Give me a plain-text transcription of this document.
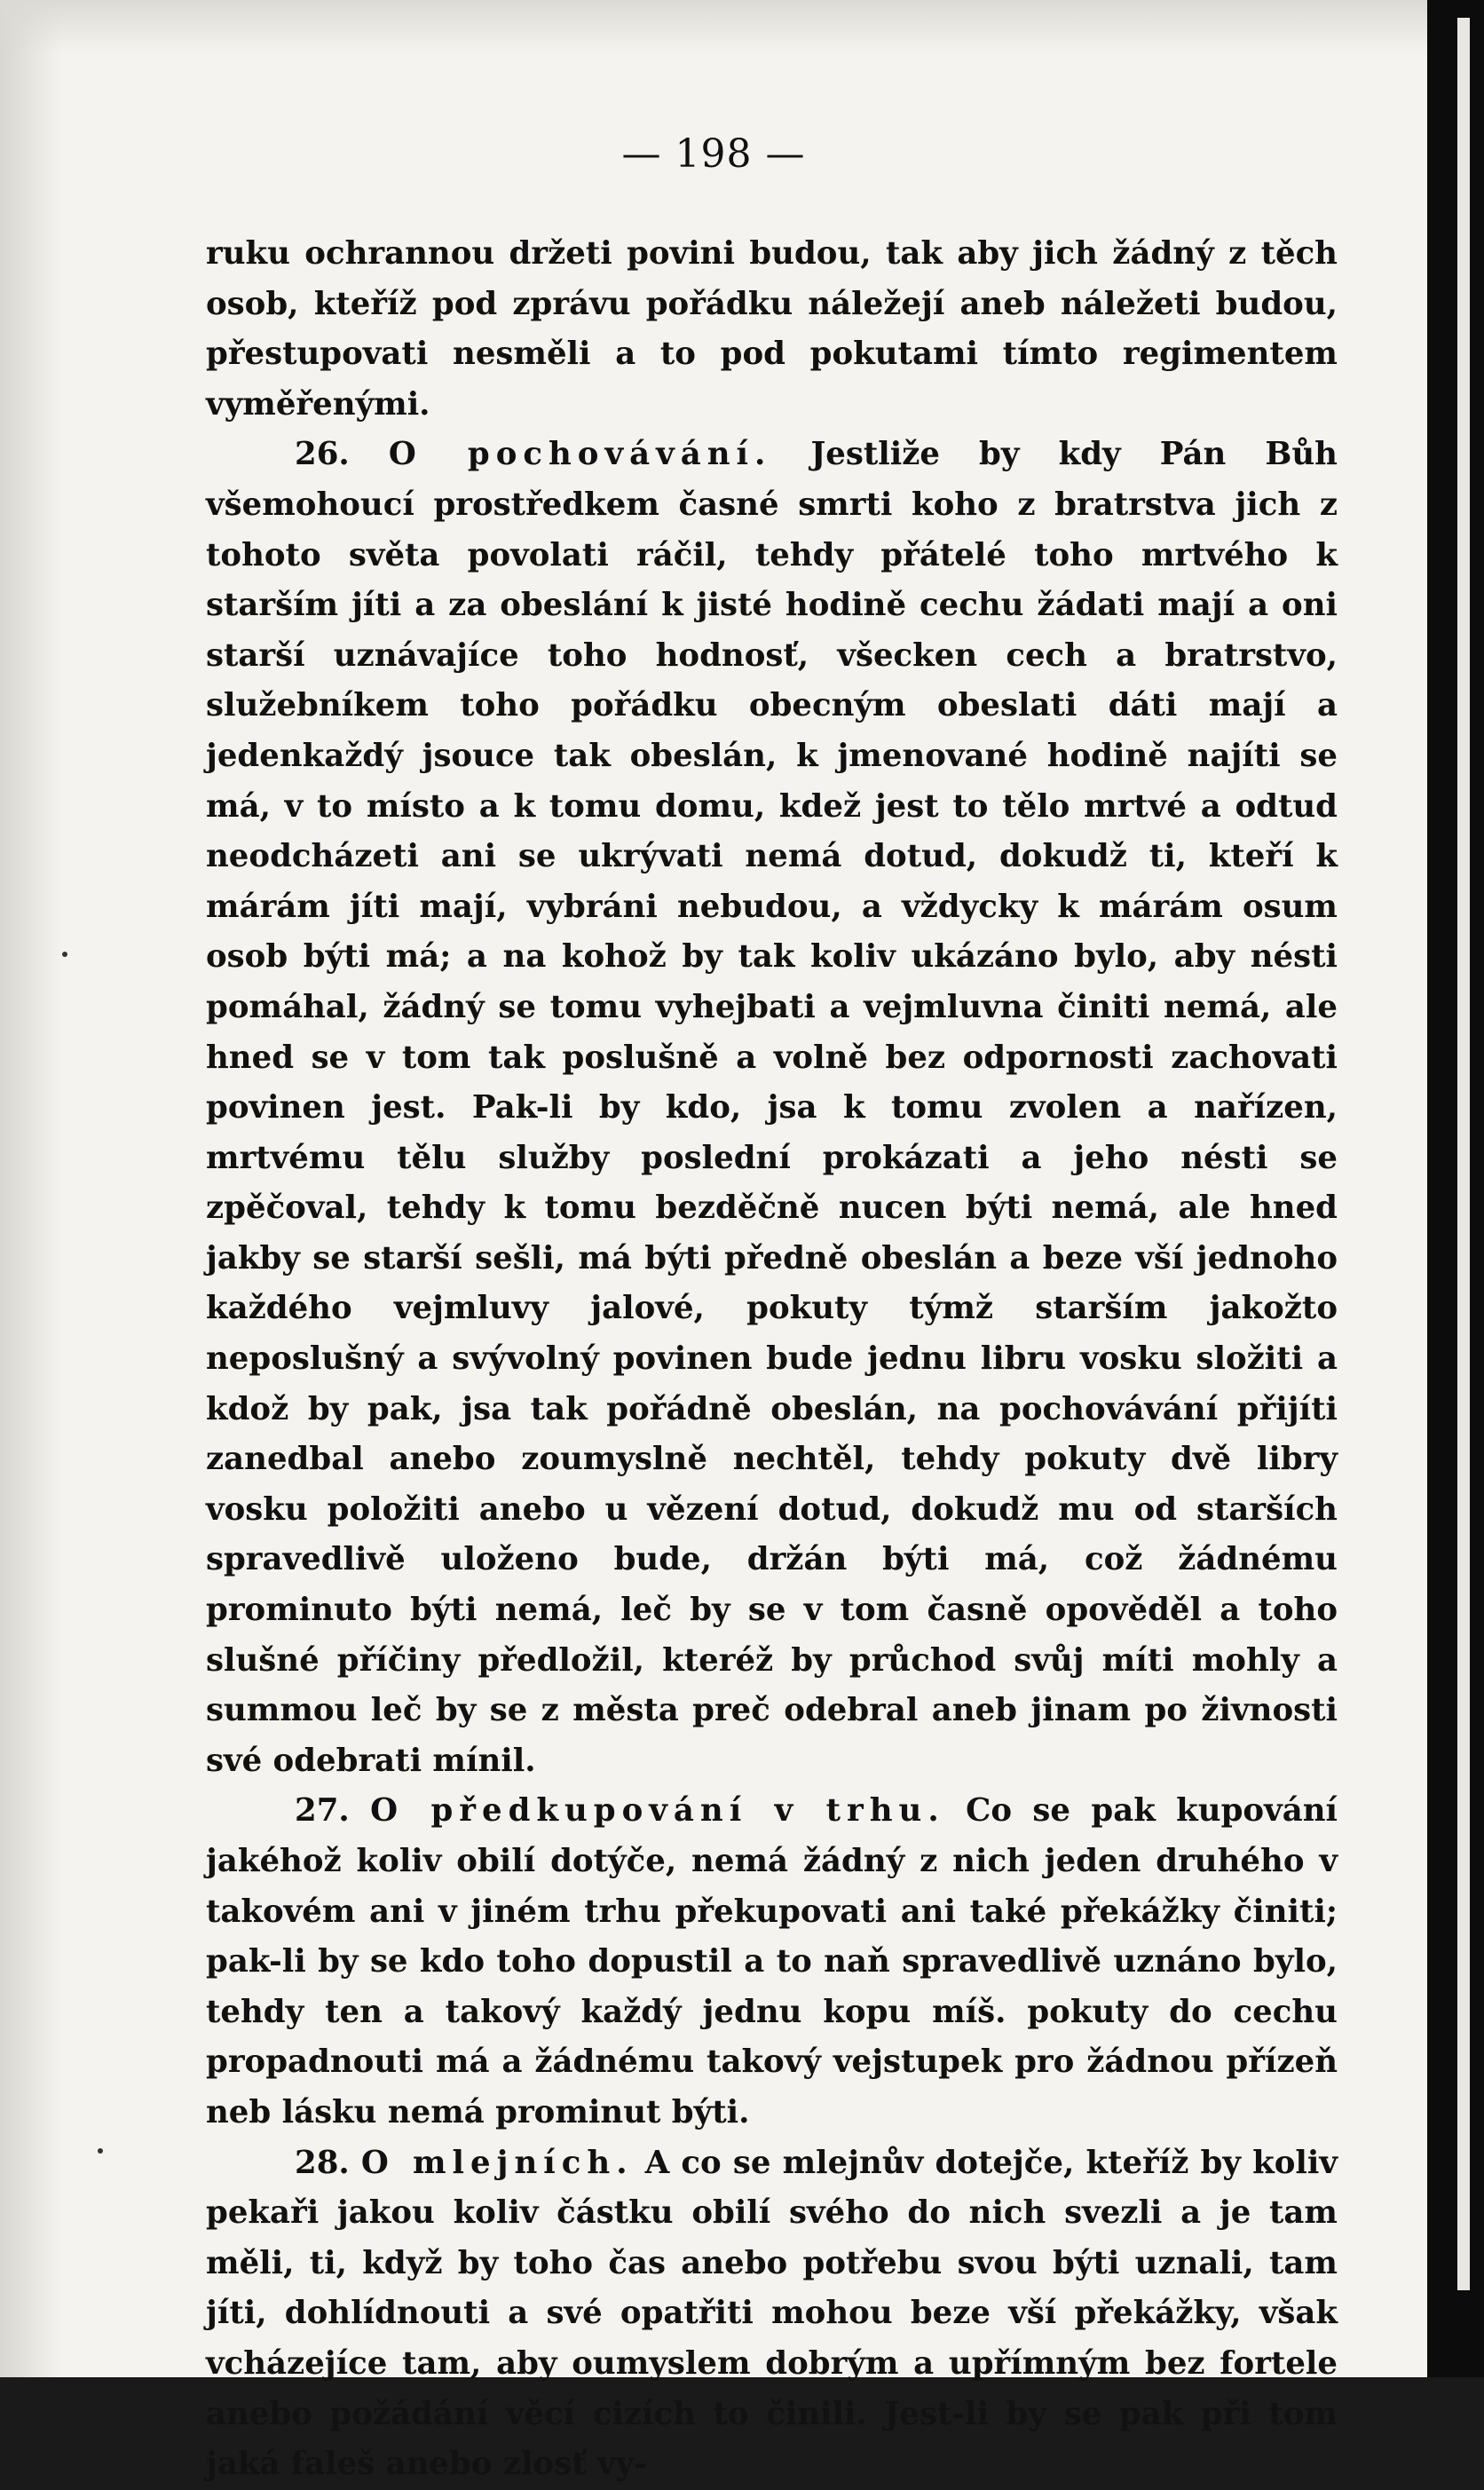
— 198 —

ruku ochrannou držeti povini budou, tak aby jich žádný z těch osob, kteříž pod zprávu pořádku náležejí aneb náležeti budou, přestupovati nesměli a to pod pokutami tímto regimentem vyměřenými.

26. O pochovávání. Jestliže by kdy Pán Bůh všemohoucí prostředkem časné smrti koho z bratrstva jich z tohoto světa povolati ráčil, tehdy přátelé toho mrtvého k starším jíti a za obeslání k jisté hodině cechu žádati mají a oni starší uznávajíce toho hodnosť, všecken cech a bratrstvo, služebníkem toho pořádku obecným obeslati dáti mají a jedenkaždý jsouce tak obeslán, k jmenované hodině najíti se má, v to místo a k tomu domu, kdež jest to tělo mrtvé a odtud neodcházeti ani se ukrývati nemá dotud, dokudž ti, kteří k márám jíti mají, vybráni nebudou, a vždycky k márám osum osob býti má; a na kohož by tak koliv ukázáno bylo, aby nésti pomáhal, žádný se tomu vyhejbati a vejmluvna činiti nemá, ale hned se v tom tak poslušně a volně bez odpornosti zachovati povinen jest. Pak-li by kdo, jsa k tomu zvolen a nařízen, mrtvému tělu služby poslední prokázati a jeho nésti se zpěčoval, tehdy k tomu bezděčně nucen býti nemá, ale hned jakby se starší sešli, má býti předně obeslán a beze vší jednoho každého vejmluvy jalové, pokuty týmž starším jakožto neposlušný a svývolný povinen bude jednu libru vosku složiti a kdož by pak, jsa tak pořádně obeslán, na pochovávání přijíti zanedbal anebo zoumyslně nechtěl, tehdy pokuty dvě libry vosku položiti anebo u vězení dotud, dokudž mu od starších spravedlivě uloženo bude, držán býti má, což žádnému prominuto býti nemá, leč by se v tom časně opověděl a toho slušné příčiny předložil, kteréž by průchod svůj míti mohly a summou leč by se z města preč odebral aneb jinam po živnosti své odebrati mínil.

27. O předkupování v trhu. Co se pak kupování jakéhož koliv obilí dotýče, nemá žádný z nich jeden druhého v takovém ani v jiném trhu překupovati ani také překážky činiti; pak-li by se kdo toho dopustil a to naň spravedlivě uznáno bylo, tehdy ten a takový každý jednu kopu míš. pokuty do cechu propadnouti má a žádnému takový vejstupek pro žádnou přízeň neb lásku nemá prominut býti.

28. O mlejních. A co se mlejnův dotejče, kteříž by koliv pekaři jakou koliv částku obilí svého do nich svezli a je tam měli, ti, když by toho čas anebo potřebu svou býti uznali, tam jíti, dohlídnouti a své opatřiti mohou beze vší překážky, však vcházejíce tam, aby oumyslem dobrým a upřímným bez fortele anebo požádání věcí cizích to činili. Jest-li by se pak při tom jaká faleš anebo zlosť vy-
